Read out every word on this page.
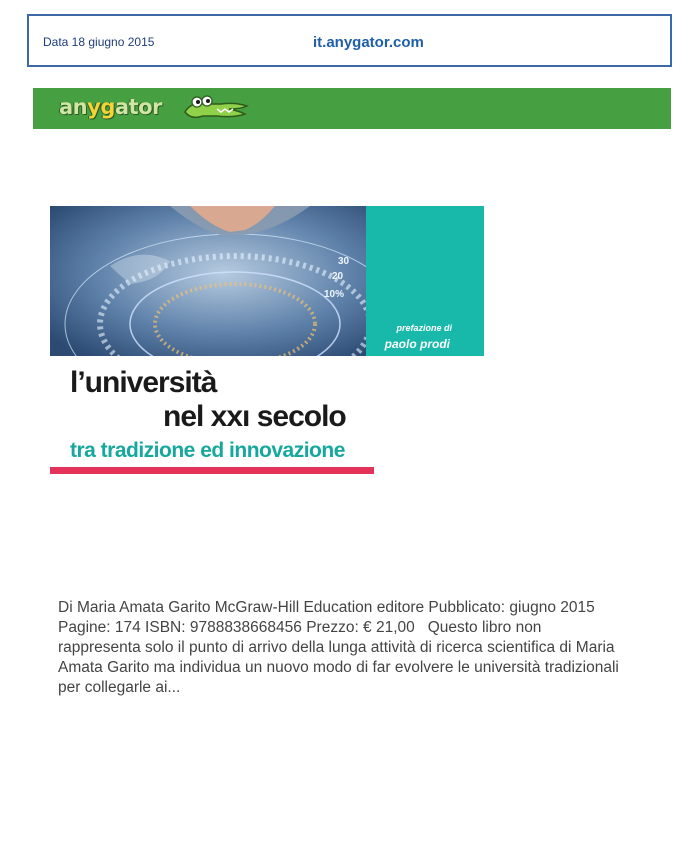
Data 18 giugno 2015	it.anygator.com
anygator
30
20
10%
prefazione di
paolo prodi
l’università
nel xxı secolo
tra tradizione ed innovazione
Di Maria Amata Garito McGraw-Hill Education editore Pubblicato: giugno 2015
Pagine: 174 ISBN: 9788838668456 Prezzo: € 21,00   Questo libro non
rappresenta solo il punto di arrivo della lunga attività di ricerca scientifica di Maria
Amata Garito ma individua un nuovo modo di far evolvere le università tradizionali
per collegarle ai...
